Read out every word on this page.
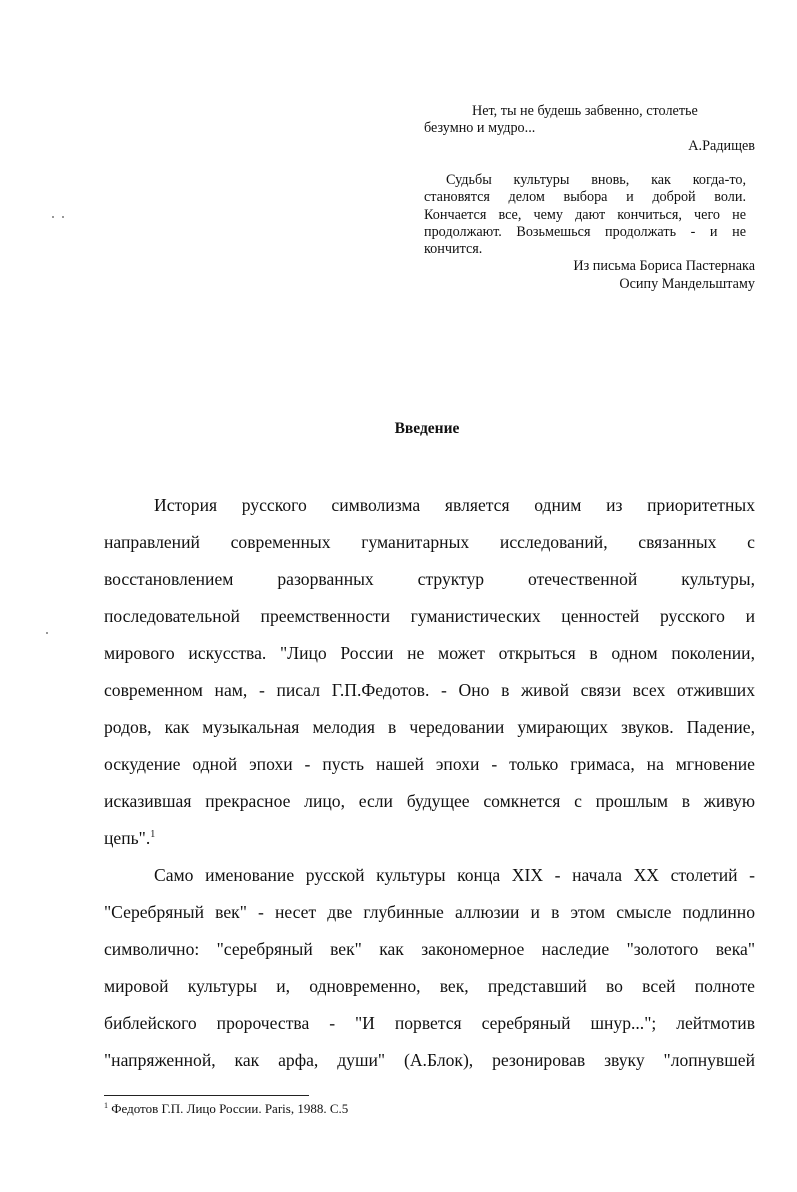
Нет, ты не будешь забвенно, столетье
безумно и мудро...
А.Радищев
Судьбы культуры вновь, как когда-то,
становятся делом выбора и доброй воли.
Кончается все, чему дают кончиться, чего не
продолжают. Возьмешься продолжать - и не
кончится.
Из письма Бориса Пастернака
Осипу Мандельштаму
Введение
История русского символизма является одним из приоритетных
направлений современных гуманитарных исследований, связанных с
восстановлением разорванных структур отечественной культуры,
последовательной преемственности гуманистических ценностей русского и
мирового искусства. "Лицо России не может открыться в одном поколении,
современном нам, - писал Г.П.Федотов. - Оно в живой связи всех отживших
родов, как музыкальная мелодия в чередовании умирающих звуков. Падение,
оскудение одной эпохи - пусть нашей эпохи - только гримаса, на мгновение
исказившая прекрасное лицо, если будущее сомкнется с прошлым в живую
цепь".$^1$
Само именование русской культуры конца XIX - начала XX столетий -
"Серебряный век" - несет две глубинные аллюзии и в этом смысле подлинно
символично: "серебряный век" как закономерное наследие "золотого века"
мировой культуры и, одновременно, век, представший во всей полноте
библейского пророчества - "И порвется серебряный шнур..."; лейтмотив
"напряженной, как арфа, души" (А.Блок), резонировав звуку "лопнувшей
$^1$ Федотов Г.П. Лицо России. Paris, 1988. С.5
